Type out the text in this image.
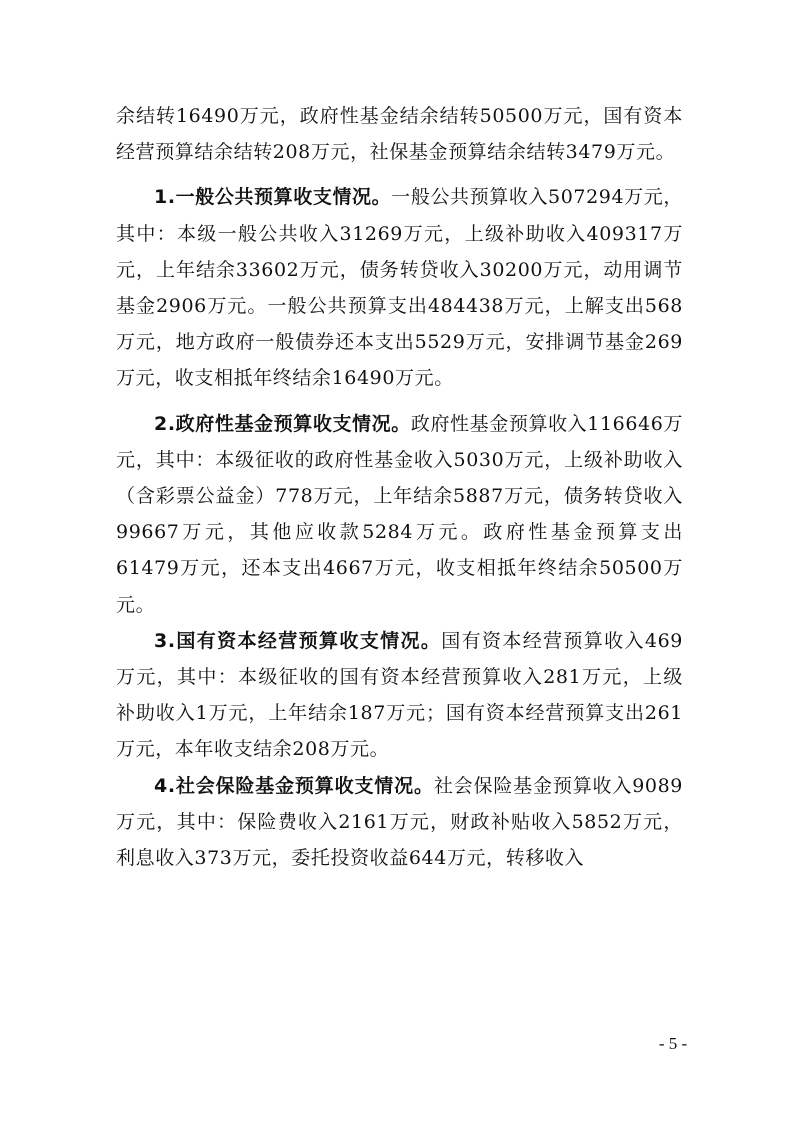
余结转16490万元，政府性基金结余结转50500万元，国有资本经营预算结余结转208万元，社保基金预算结余结转3479万元。

1.一般公共预算收支情况。一般公共预算收入507294万元，其中：本级一般公共收入31269万元，上级补助收入409317万元，上年结余33602万元，债务转贷收入30200万元，动用调节基金2906万元。一般公共预算支出484438万元，上解支出568万元，地方政府一般债券还本支出5529万元，安排调节基金269万元，收支相抵年终结余16490万元。

2.政府性基金预算收支情况。政府性基金预算收入116646万元，其中：本级征收的政府性基金收入5030万元，上级补助收入（含彩票公益金）778万元，上年结余5887万元，债务转贷收入99667万元，其他应收款5284万元。政府性基金预算支出61479万元，还本支出4667万元，收支相抵年终结余50500万元。

3.国有资本经营预算收支情况。国有资本经营预算收入469万元，其中：本级征收的国有资本经营预算收入281万元，上级补助收入1万元，上年结余187万元；国有资本经营预算支出261万元，本年收支结余208万元。

4.社会保险基金预算收支情况。社会保险基金预算收入9089万元，其中：保险费收入2161万元，财政补贴收入5852万元，利息收入373万元，委托投资收益644万元，转移收入

- 5 -
